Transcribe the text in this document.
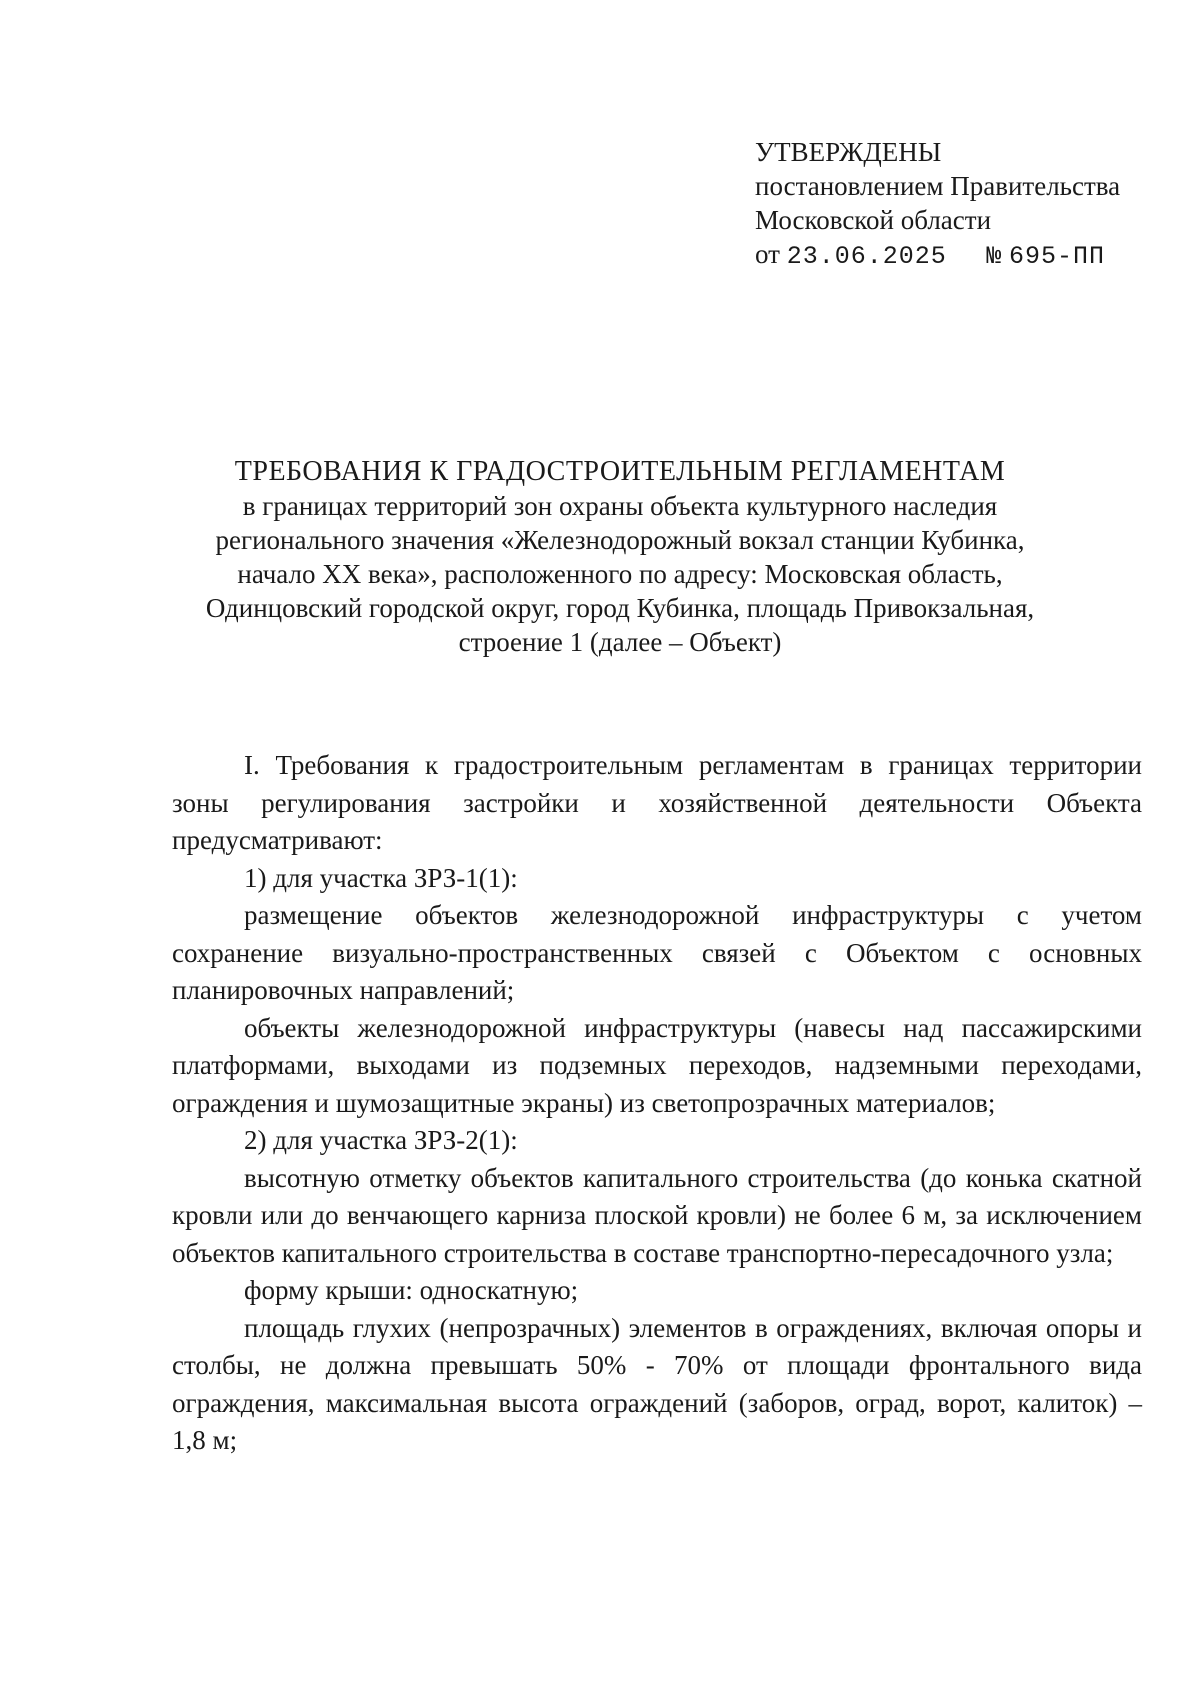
УТВЕРЖДЕНЫ
постановлением Правительства
Московской области
от 23.06.2025 № 695-ПП
ТРЕБОВАНИЯ К ГРАДОСТРОИТЕЛЬНЫМ РЕГЛАМЕНТАМ
в границах территорий зон охраны объекта культурного наследия
регионального значения «Железнодорожный вокзал станции Кубинка,
начало XX века», расположенного по адресу: Московская область,
Одинцовский городской округ, город Кубинка, площадь Привокзальная,
строение 1 (далее – Объект)

I. Требования к градостроительным регламентам в границах территории зоны регулирования застройки и хозяйственной деятельности Объекта предусматривают:

1) для участка ЗРЗ-1(1):

размещение объектов железнодорожной инфраструктуры с учетом сохранение визуально-пространственных связей с Объектом с основных планировочных направлений;

объекты железнодорожной инфраструктуры (навесы над пассажирскими платформами, выходами из подземных переходов, надземными переходами, ограждения и шумозащитные экраны) из светопрозрачных материалов;

2) для участка ЗРЗ-2(1):

высотную отметку объектов капитального строительства (до конька скатной кровли или до венчающего карниза плоской кровли) не более 6 м, за исключением объектов капитального строительства в составе транспортно-пересадочного узла;

форму крыши: односкатную;

площадь глухих (непрозрачных) элементов в ограждениях, включая опоры и столбы, не должна превышать 50% - 70% от площади фронтального вида ограждения, максимальная высота ограждений (заборов, оград, ворот, калиток) – 1,8 м;
